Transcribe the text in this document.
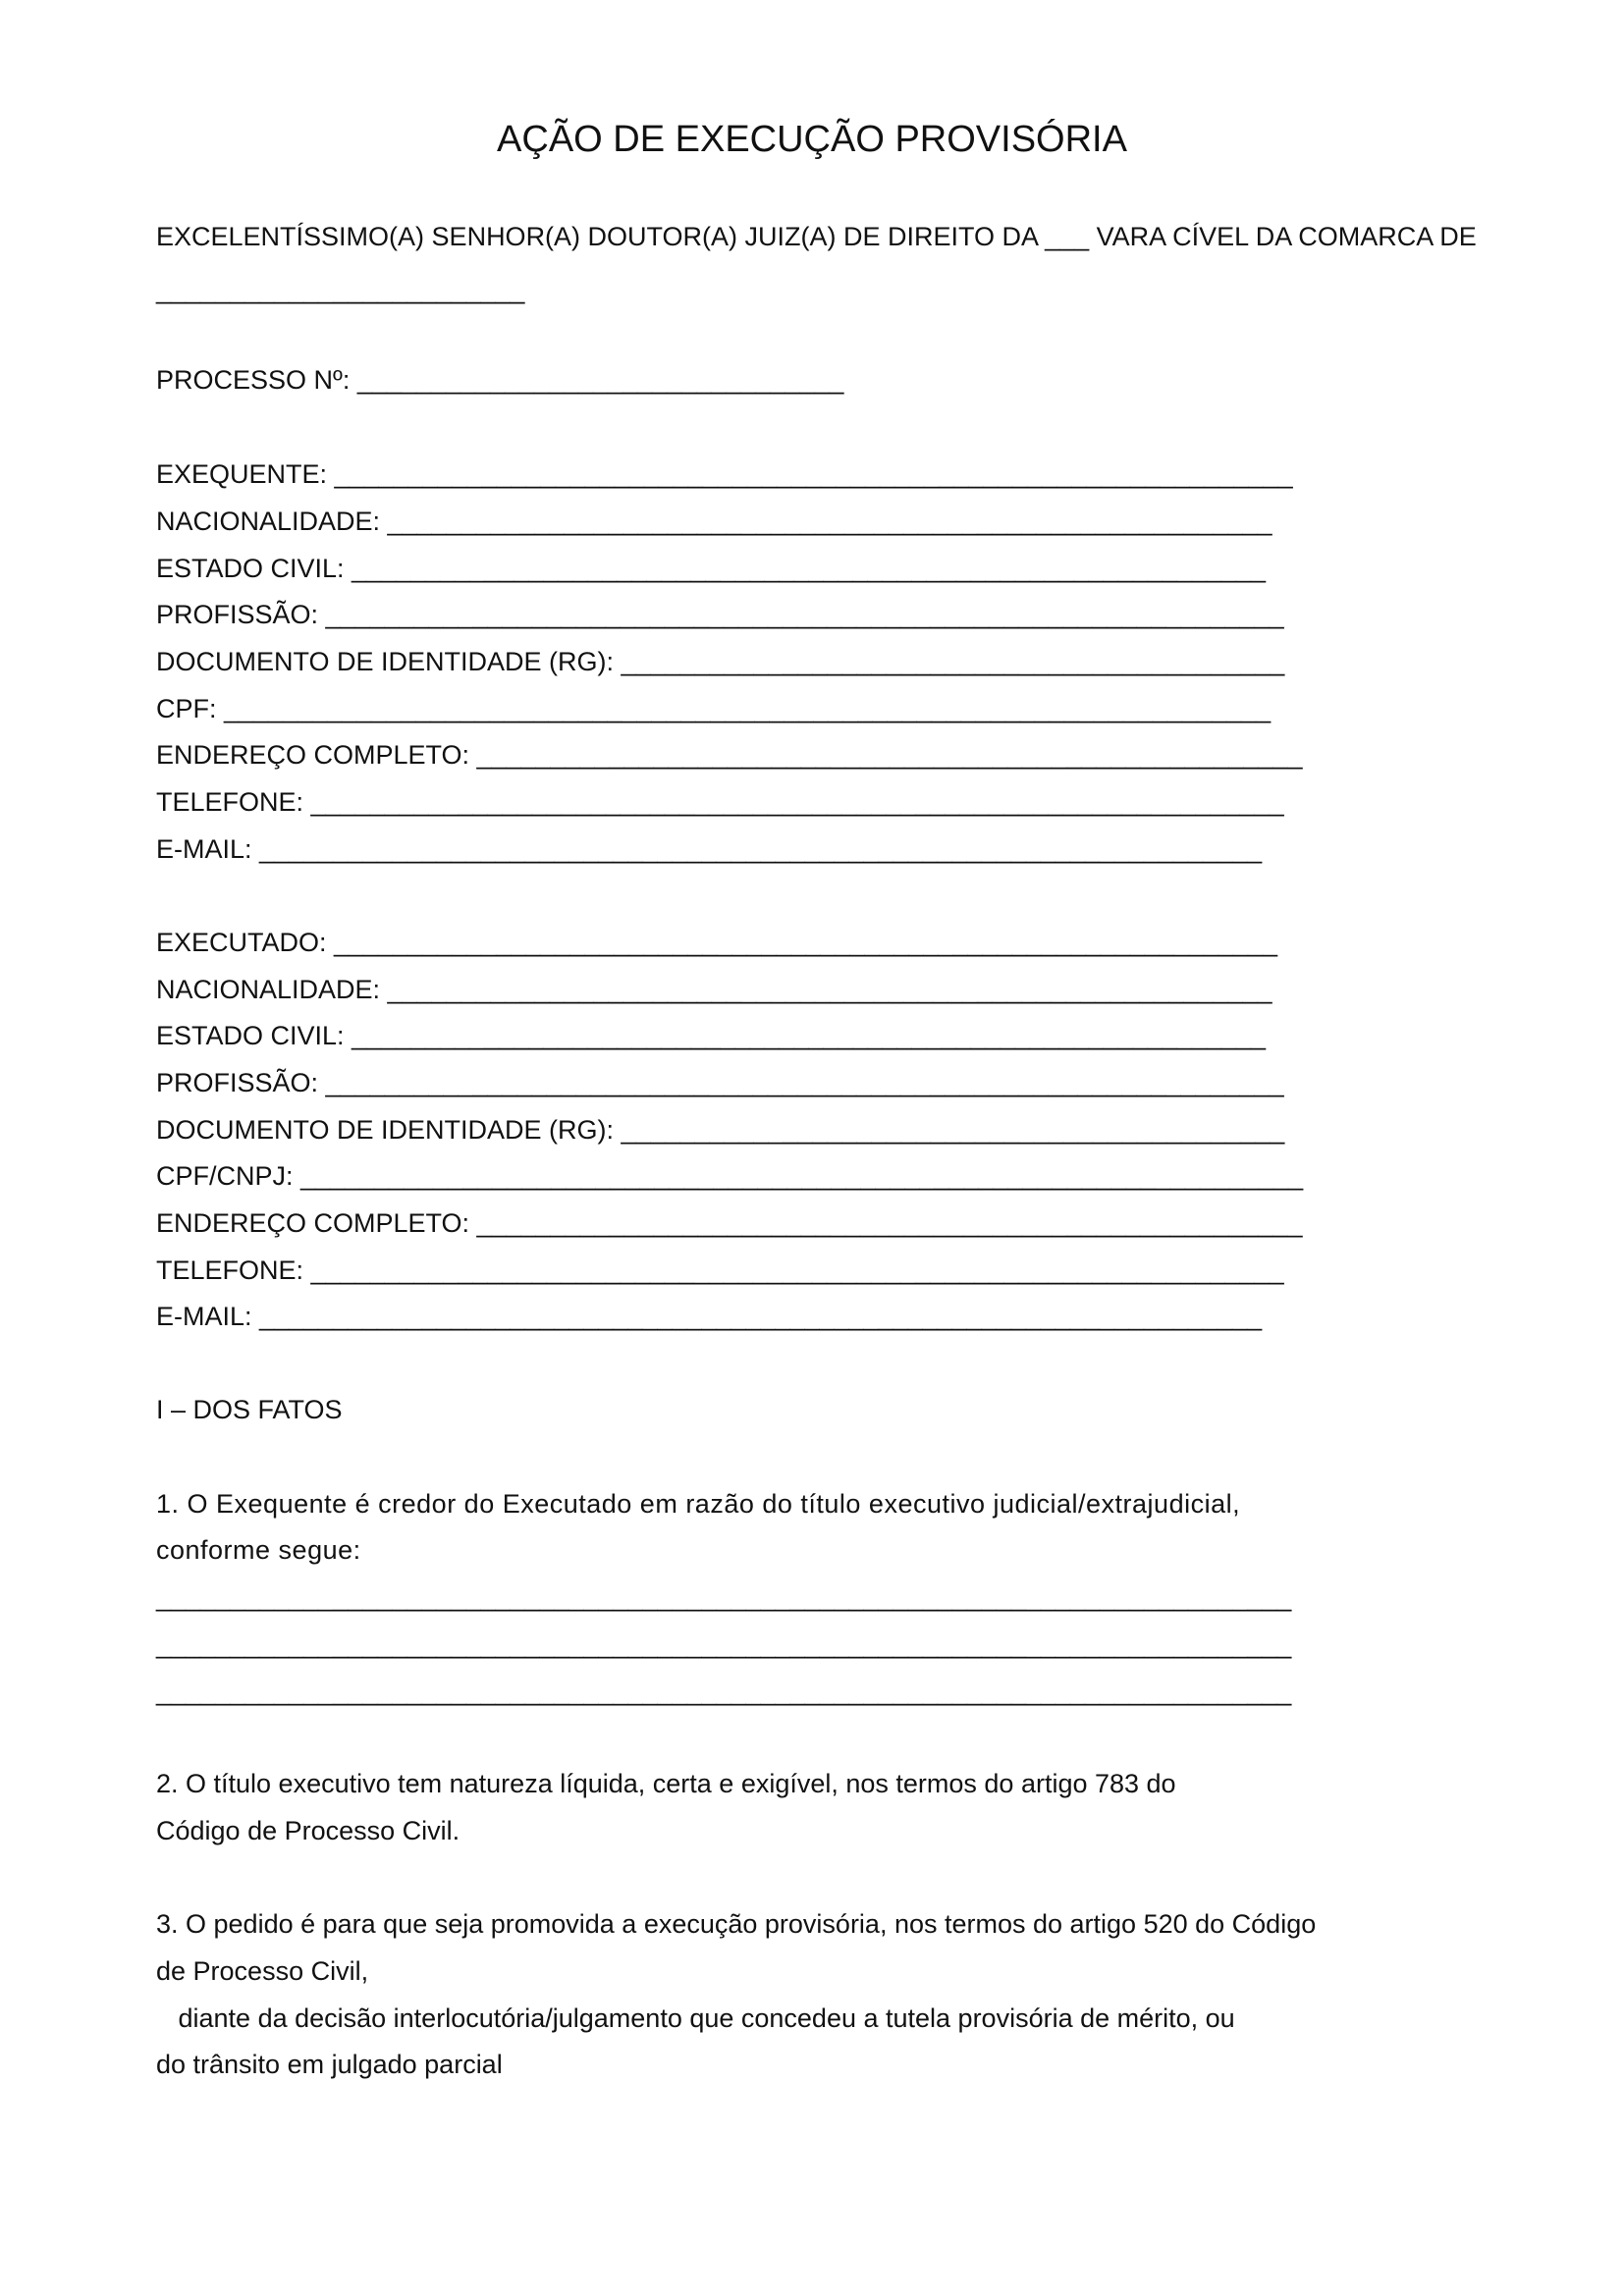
AÇÃO DE EXECUÇÃO PROVISÓRIA
EXCELENTÍSSIMO(A) SENHOR(A) DOUTOR(A) JUIZ(A) DE DIREITO DA ___ VARA CÍVEL DA COMARCA DE
_________________________
PROCESSO Nº: _________________________________
EXEQUENTE: _________________________________________________________________
NACIONALIDADE: ____________________________________________________________
ESTADO CIVIL: ______________________________________________________________
PROFISSÃO: _________________________________________________________________
DOCUMENTO DE IDENTIDADE (RG): _____________________________________________
CPF: _______________________________________________________________________
ENDEREÇO COMPLETO: ________________________________________________________
TELEFONE: __________________________________________________________________
E-MAIL: ____________________________________________________________________
EXECUTADO: ________________________________________________________________
NACIONALIDADE: ____________________________________________________________
ESTADO CIVIL: ______________________________________________________________
PROFISSÃO: _________________________________________________________________
DOCUMENTO DE IDENTIDADE (RG): _____________________________________________
CPF/CNPJ: ____________________________________________________________________
ENDEREÇO COMPLETO: ________________________________________________________
TELEFONE: __________________________________________________________________
E-MAIL: ____________________________________________________________________
I – DOS FATOS
1. O Exequente é credor do Executado em razão do título executivo judicial/extrajudicial,
conforme segue:
_____________________________________________________________________________
_____________________________________________________________________________
_____________________________________________________________________________
2. O título executivo tem natureza líquida, certa e exigível, nos termos do artigo 783 do
Código de Processo Civil.
3. O pedido é para que seja promovida a execução provisória, nos termos do artigo 520 do Código
de Processo Civil,
diante da decisão interlocutória/julgamento que concedeu a tutela provisória de mérito, ou
do trânsito em julgado parcial
